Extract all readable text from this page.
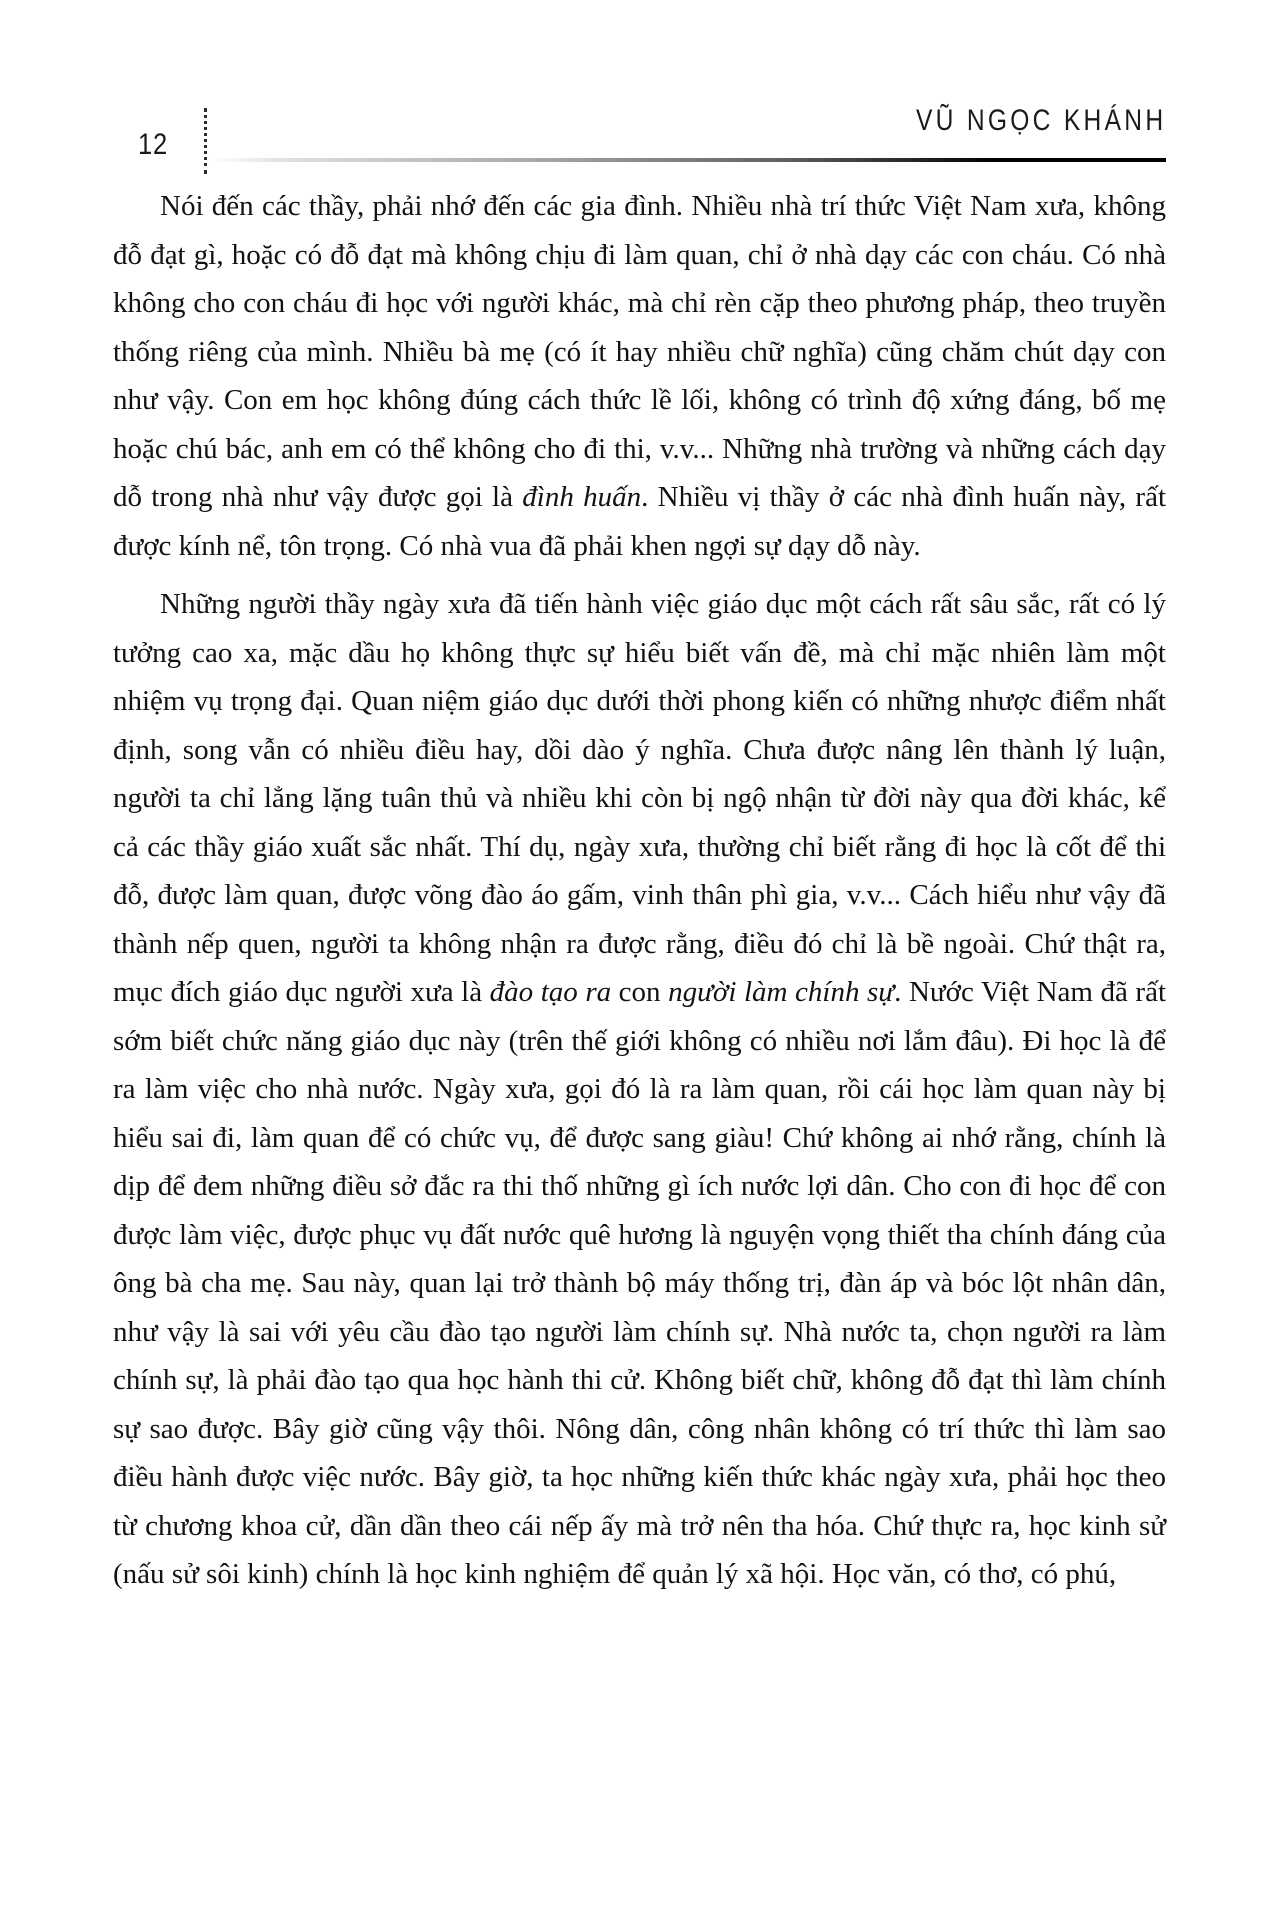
12
VŨ NGỌC KHÁNH

Nói đến các thầy, phải nhớ đến các gia đình. Nhiều nhà trí thức Việt Nam xưa, không đỗ đạt gì, hoặc có đỗ đạt mà không chịu đi làm quan, chỉ ở nhà dạy các con cháu. Có nhà không cho con cháu đi học với người khác, mà chỉ rèn cặp theo phương pháp, theo truyền thống riêng của mình. Nhiều bà mẹ (có ít hay nhiều chữ nghĩa) cũng chăm chút dạy con như vậy. Con em học không đúng cách thức lề lối, không có trình độ xứng đáng, bố mẹ hoặc chú bác, anh em có thể không cho đi thi, v.v... Những nhà trường và những cách dạy dỗ trong nhà như vậy được gọi là đình huấn. Nhiều vị thầy ở các nhà đình huấn này, rất được kính nể, tôn trọng. Có nhà vua đã phải khen ngợi sự dạy dỗ này.

Những người thầy ngày xưa đã tiến hành việc giáo dục một cách rất sâu sắc, rất có lý tưởng cao xa, mặc dầu họ không thực sự hiểu biết vấn đề, mà chỉ mặc nhiên làm một nhiệm vụ trọng đại. Quan niệm giáo dục dưới thời phong kiến có những nhược điểm nhất định, song vẫn có nhiều điều hay, dồi dào ý nghĩa. Chưa được nâng lên thành lý luận, người ta chỉ lẳng lặng tuân thủ và nhiều khi còn bị ngộ nhận từ đời này qua đời khác, kể cả các thầy giáo xuất sắc nhất. Thí dụ, ngày xưa, thường chỉ biết rằng đi học là cốt để thi đỗ, được làm quan, được võng đào áo gấm, vinh thân phì gia, v.v... Cách hiểu như vậy đã thành nếp quen, người ta không nhận ra được rằng, điều đó chỉ là bề ngoài. Chứ thật ra, mục đích giáo dục người xưa là đào tạo ra con người làm chính sự. Nước Việt Nam đã rất sớm biết chức năng giáo dục này (trên thế giới không có nhiều nơi lắm đâu). Đi học là để ra làm việc cho nhà nước. Ngày xưa, gọi đó là ra làm quan, rồi cái học làm quan này bị hiểu sai đi, làm quan để có chức vụ, để được sang giàu! Chứ không ai nhớ rằng, chính là dịp để đem những điều sở đắc ra thi thố những gì ích nước lợi dân. Cho con đi học để con được làm việc, được phục vụ đất nước quê hương là nguyện vọng thiết tha chính đáng của ông bà cha mẹ. Sau này, quan lại trở thành bộ máy thống trị, đàn áp và bóc lột nhân dân, như vậy là sai với yêu cầu đào tạo người làm chính sự. Nhà nước ta, chọn người ra làm chính sự, là phải đào tạo qua học hành thi cử. Không biết chữ, không đỗ đạt thì làm chính sự sao được. Bây giờ cũng vậy thôi. Nông dân, công nhân không có trí thức thì làm sao điều hành được việc nước. Bây giờ, ta học những kiến thức khác ngày xưa, phải học theo từ chương khoa cử, dần dần theo cái nếp ấy mà trở nên tha hóa. Chứ thực ra, học kinh sử (nấu sử sôi kinh) chính là học kinh nghiệm để quản lý xã hội. Học văn, có thơ, có phú,
